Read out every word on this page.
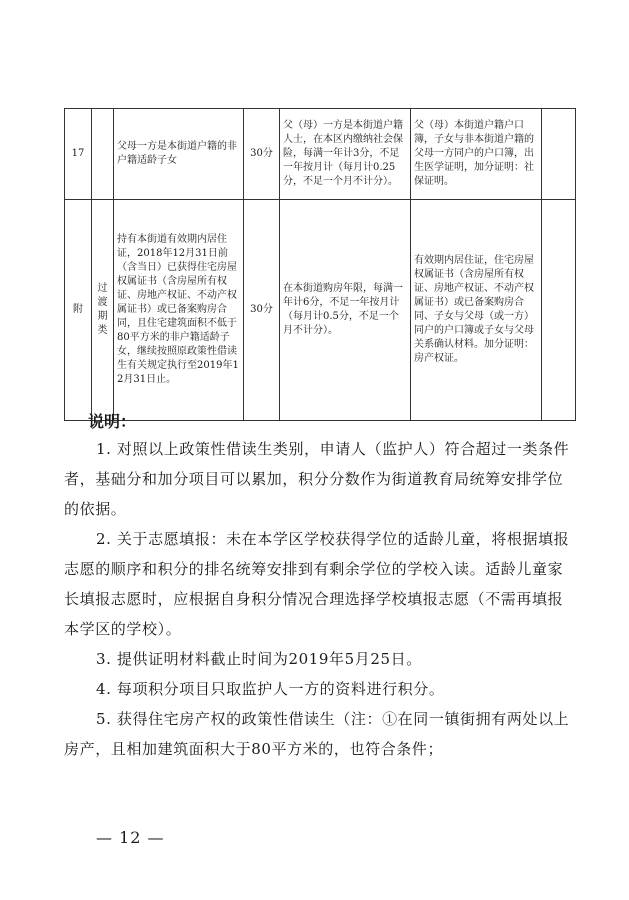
17		父母一方是本街道户籍的非户籍适龄子女	30分	父（母）一方是本街道户籍人士，在本区内缴纳社会保险，每满一年计3分，不足一年按月计（每月计0.25分，不足一个月不计分）。	父（母）本街道户籍户口簿，子女与非本街道户籍的父母一方同户的户口簿，出生医学证明，加分证明：社保证明。	

附	过渡期类	持有本街道有效期内居住证，2018年12月31日前（含当日）已获得住宅房屋权属证书（含房屋所有权证、房地产权证、不动产权属证书）或已备案购房合同，且住宅建筑面积不低于80平方米的非户籍适龄子女，继续按照原政策性借读生有关规定执行至2019年12月31日止。	30分	在本街道购房年限，每满一年计6分，不足一年按月计（每月计0.5分，不足一个月不计分）。	有效期内居住证，住宅房屋权属证书（含房屋所有权证、房地产权证、不动产权属证书）或已备案购房合同、子女与父母（或一方）同户的户口簿或子女与父母关系确认材料。加分证明：房产权证。	

说明：

1. 对照以上政策性借读生类别，申请人（监护人）符合超过一类条件者，基础分和加分项目可以累加，积分分数作为街道教育局统筹安排学位的依据。

2. 关于志愿填报：未在本学区学校获得学位的适龄儿童，将根据填报志愿的顺序和积分的排名统筹安排到有剩余学位的学校入读。适龄儿童家长填报志愿时，应根据自身积分情况合理选择学校填报志愿（不需再填报本学区的学校）。

3. 提供证明材料截止时间为2019年5月25日。

4. 每项积分项目只取监护人一方的资料进行积分。

5. 获得住宅房产权的政策性借读生（注：①在同一镇街拥有两处以上房产，且相加建筑面积大于80平方米的，也符合条件；

— 12 —
